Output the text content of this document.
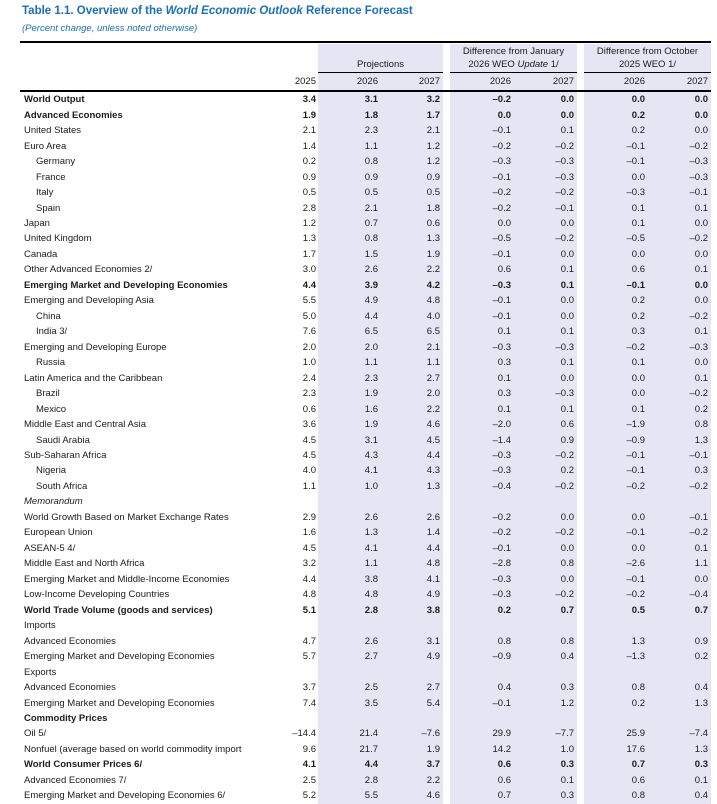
Table 1.1. Overview of the World Economic Outlook Reference Forecast
(Percent change, unless noted otherwise)
Projections
Difference from January
2026 WEO Update 1/
Difference from October
2025 WEO 1/
2025	2026	2027	2026	2027	2026	2027
World Output	3.4	3.1	3.2	–0.2	0.0	0.0	0.0
Advanced Economies	1.9	1.8	1.7	0.0	0.0	0.2	0.0
United States	2.1	2.3	2.1	–0.1	0.1	0.2	0.0
Euro Area	1.4	1.1	1.2	–0.2	–0.2	–0.1	–0.2
Germany	0.2	0.8	1.2	–0.3	–0.3	–0.1	–0.3
France	0.9	0.9	0.9	–0.1	–0.3	0.0	–0.3
Italy	0.5	0.5	0.5	–0.2	–0.2	–0.3	–0.1
Spain	2.8	2.1	1.8	–0.2	–0.1	0.1	0.1
Japan	1.2	0.7	0.6	0.0	0.0	0.1	0.0
United Kingdom	1.3	0.8	1.3	–0.5	–0.2	–0.5	–0.2
Canada	1.7	1.5	1.9	–0.1	0.0	0.0	0.0
Other Advanced Economies 2/	3.0	2.6	2.2	0.6	0.1	0.6	0.1
Emerging Market and Developing Economies	4.4	3.9	4.2	–0.3	0.1	–0.1	0.0
Emerging and Developing Asia	5.5	4.9	4.8	–0.1	0.0	0.2	0.0
China	5.0	4.4	4.0	–0.1	0.0	0.2	–0.2
India 3/	7.6	6.5	6.5	0.1	0.1	0.3	0.1
Emerging and Developing Europe	2.0	2.0	2.1	–0.3	–0.3	–0.2	–0.3
Russia	1.0	1.1	1.1	0.3	0.1	0.1	0.0
Latin America and the Caribbean	2.4	2.3	2.7	0.1	0.0	0.0	0.1
Brazil	2.3	1.9	2.0	0.3	–0.3	0.0	–0.2
Mexico	0.6	1.6	2.2	0.1	0.1	0.1	0.2
Middle East and Central Asia	3.6	1.9	4.6	–2.0	0.6	–1.9	0.8
Saudi Arabia	4.5	3.1	4.5	–1.4	0.9	–0.9	1.3
Sub-Saharan Africa	4.5	4.3	4.4	–0.3	–0.2	–0.1	–0.1
Nigeria	4.0	4.1	4.3	–0.3	0.2	–0.1	0.3
South Africa	1.1	1.0	1.3	–0.4	–0.2	–0.2	–0.2
Memorandum
World Growth Based on Market Exchange Rates	2.9	2.6	2.6	–0.2	0.0	0.0	–0.1
European Union	1.6	1.3	1.4	–0.2	–0.2	–0.1	–0.2
ASEAN-5 4/	4.5	4.1	4.4	–0.1	0.0	0.0	0.1
Middle East and North Africa	3.2	1.1	4.8	–2.8	0.8	–2.6	1.1
Emerging Market and Middle-Income Economies	4.4	3.8	4.1	–0.3	0.0	–0.1	0.0
Low-Income Developing Countries	4.8	4.8	4.9	–0.3	–0.2	–0.2	–0.4
World Trade Volume (goods and services)	5.1	2.8	3.8	0.2	0.7	0.5	0.7
Imports
Advanced Economies	4.7	2.6	3.1	0.8	0.8	1.3	0.9
Emerging Market and Developing Economies	5.7	2.7	4.9	–0.9	0.4	–1.3	0.2
Exports
Advanced Economies	3.7	2.5	2.7	0.4	0.3	0.8	0.4
Emerging Market and Developing Economies	7.4	3.5	5.4	–0.1	1.2	0.2	1.3
Commodity Prices
Oil 5/	–14.4	21.4	–7.6	29.9	–7.7	25.9	–7.4
Nonfuel (average based on world commodity import	9.6	21.7	1.9	14.2	1.0	17.6	1.3
World Consumer Prices 6/	4.1	4.4	3.7	0.6	0.3	0.7	0.3
Advanced Economies 7/	2.5	2.8	2.2	0.6	0.1	0.6	0.1
Emerging Market and Developing Economies 6/	5.2	5.5	4.6	0.7	0.3	0.8	0.4
